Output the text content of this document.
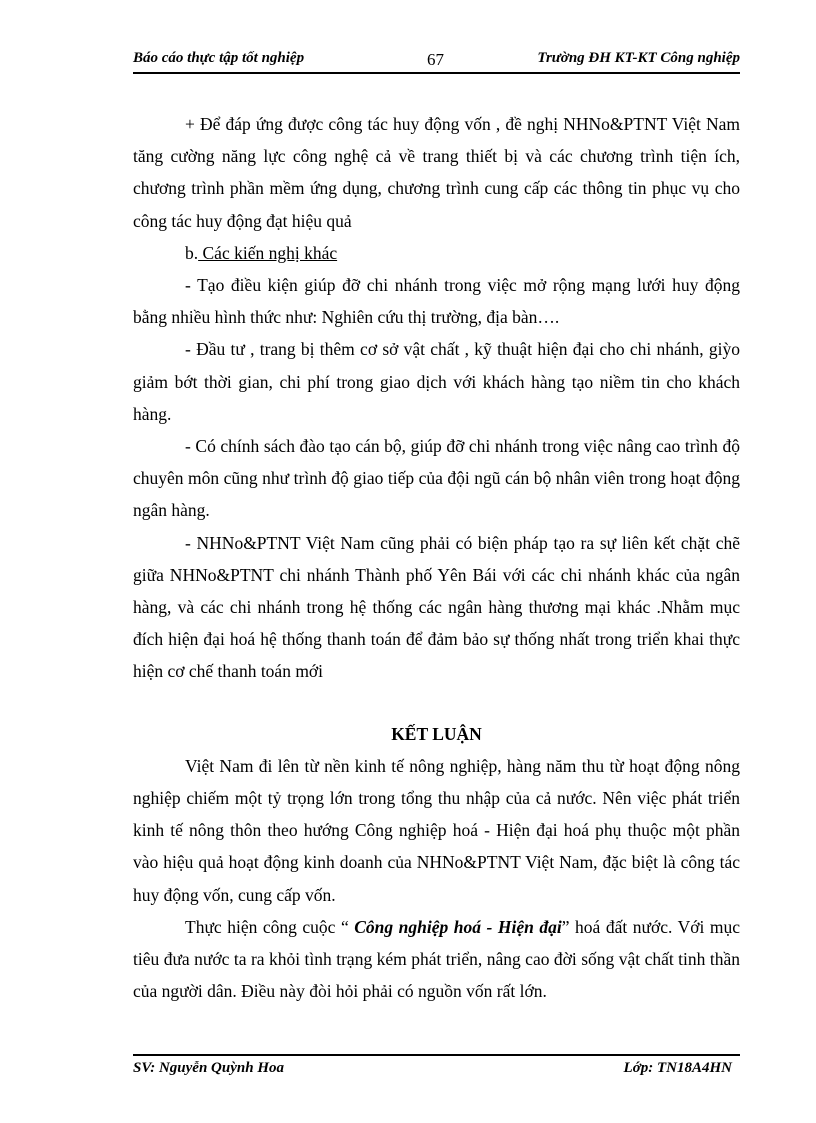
Báo cáo thực tập tốt nghiệp	67	Trường ĐH KT-KT Công nghiệp

+ Để đáp ứng được công tác huy động vốn , đề nghị NHNo&PTNT Việt Nam tăng cường năng lực công nghệ cả về trang thiết bị và các chương trình tiện ích, chương trình phần mềm ứng dụng, chương trình cung cấp các thông tin phục vụ cho công tác huy động đạt hiệu quả

b. Các kiến nghị khác

- Tạo điều kiện giúp đỡ chi nhánh trong việc mở rộng mạng lưới huy động bằng nhiều hình thức như: Nghiên cứu thị trường, địa bàn….

- Đầu tư , trang bị thêm cơ sở vật chất , kỹ thuật hiện đại cho chi nhánh, giỳo giảm bớt thời gian, chi phí trong giao dịch với khách hàng tạo niềm tin cho khách hàng.

- Có chính sách đào tạo cán bộ, giúp đỡ chi nhánh trong việc nâng cao trình độ chuyên môn cũng như trình độ giao tiếp của đội ngũ cán bộ nhân viên trong hoạt động ngân hàng.

- NHNo&PTNT Việt Nam cũng phải có biện pháp tạo ra sự liên kết chặt chẽ giữa NHNo&PTNT chi nhánh Thành phố Yên Bái với các chi nhánh khác của ngân hàng, và các chi nhánh trong hệ thống các ngân hàng thương mại khác .Nhằm mục đích hiện đại hoá hệ thống thanh toán để đảm bảo sự thống nhất trong triển khai thực hiện cơ chế thanh toán mới

KẾT LUẬN

Việt Nam đi lên từ nền kinh tế nông nghiệp, hàng năm thu từ hoạt động nông nghiệp chiếm một tỷ trọng lớn trong tổng thu nhập của cả nước. Nên việc phát triển kinh tế nông thôn theo hướng Công nghiệp hoá - Hiện đại hoá phụ thuộc một phần vào hiệu quả hoạt động kinh doanh của NHNo&PTNT Việt Nam, đặc biệt là công tác huy động vốn, cung cấp vốn.

Thực hiện công cuộc “ Công nghiệp hoá - Hiện đại” hoá đất nước. Với mục tiêu đưa nước ta ra khỏi tình trạng kém phát triển, nâng cao đời sống vật chất tinh thần của người dân. Điều này đòi hỏi phải có nguồn vốn rất lớn.

SV: Nguyễn Quỳnh Hoa	Lớp: TN18A4HN
